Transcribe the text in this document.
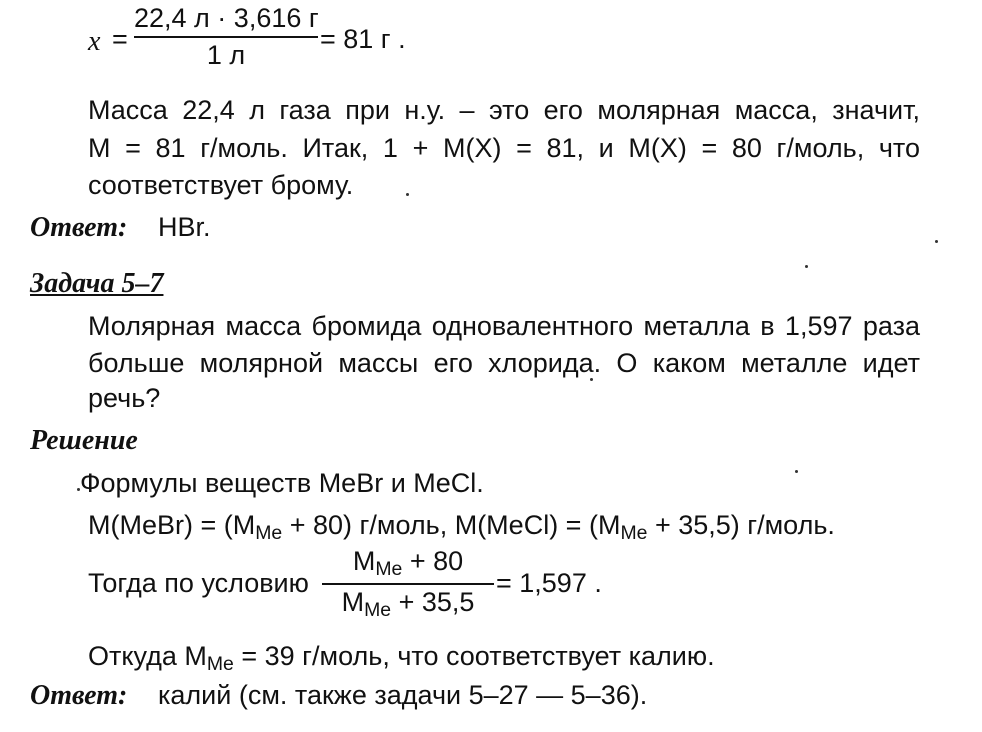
x =
22,4 л · 3,616 г
1 л
= 81 г .
Масса 22,4 л газа при н.у. – это его молярная масса, значит,
M = 81 г/моль. Итак, 1 + M(X) = 81, и M(X) = 80 г/моль, что
соответствует брому.
Ответ: HBr.
Задача 5–7
Молярная масса бромида одновалентного металла в 1,597 раза
больше молярной массы его хлорида. О каком металле идет
речь?
Решение
Формулы веществ MeBr и MeCl.
M(MeBr) = $(M_{Me} + 80)$ г/моль, M(MeCl) = $(M_{Me} + 35,5)$ г/моль.
Тогда по условию
$M_{Me} + 80$
$M_{Me} + 35,5$
= 1,597 .
Откуда $M_{Me} = 39$ г/моль, что соответствует калию.
Ответ: калий (см. также задачи 5–27 — 5–36).
